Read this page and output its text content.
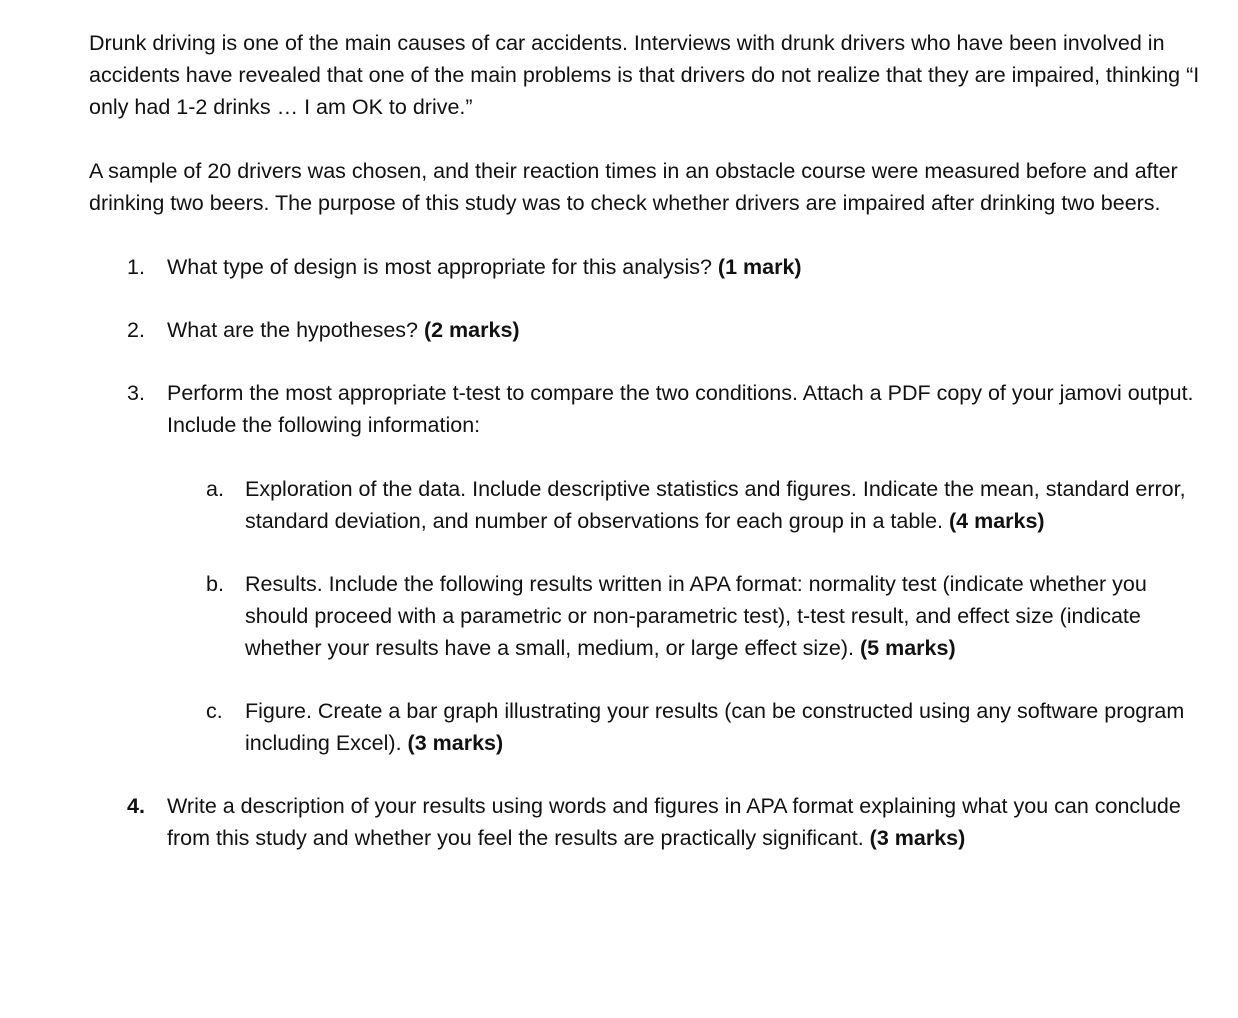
Drunk driving is one of the main causes of car accidents. Interviews with drunk drivers who have been involved in accidents have revealed that one of the main problems is that drivers do not realize that they are impaired, thinking “I only had 1-2 drinks … I am OK to drive.”

A sample of 20 drivers was chosen, and their reaction times in an obstacle course were measured before and after drinking two beers. The purpose of this study was to check whether drivers are impaired after drinking two beers.

1.	What type of design is most appropriate for this analysis? (1 mark)
2.	What are the hypotheses? (2 marks)
3.	Perform the most appropriate t-test to compare the two conditions. Attach a PDF copy of your jamovi output. Include the following information:
a. Exploration of the data. Include descriptive statistics and figures. Indicate the mean, standard error, standard deviation, and number of observations for each group in a table. (4 marks)
b. Results. Include the following results written in APA format: normality test (indicate whether you should proceed with a parametric or non-parametric test), t-test result, and effect size (indicate whether your results have a small, medium, or large effect size). (5 marks)
c.	Figure. Create a bar graph illustrating your results (can be constructed using any software program including Excel). (3 marks)
4.	Write a description of your results using words and figures in APA format explaining what you can conclude from this study and whether you feel the results are practically significant. (3 marks)
